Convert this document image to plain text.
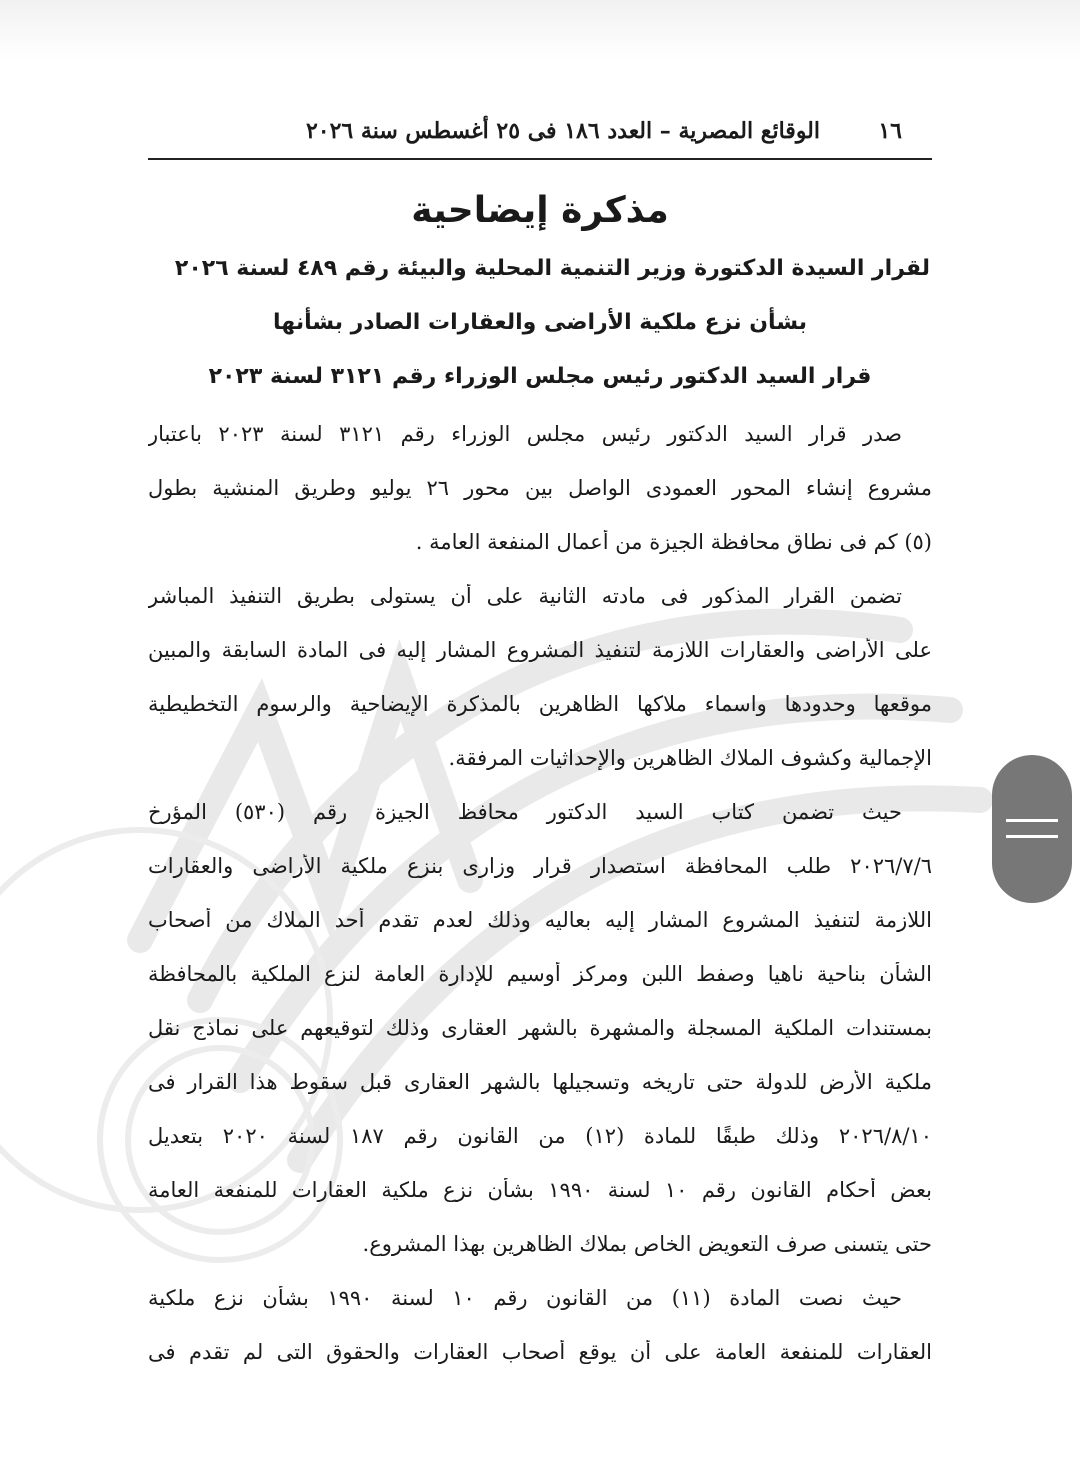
١٦
الوقائع المصرية – العدد ١٨٦ فى ٢٥ أغسطس سنة ٢٠٢٦
مذكرة إيضاحية
لقرار السيدة الدكتورة وزير التنمية المحلية والبيئة رقم ٤٨٩ لسنة ٢٠٢٦
بشأن نزع ملكية الأراضى والعقارات الصادر بشأنها
قرار السيد الدكتور رئيس مجلس الوزراء رقم ٣١٢١ لسنة ٢٠٢٣
صدر قرار السيد الدكتور رئيس مجلس الوزراء رقم ٣١٢١ لسنة ٢٠٢٣ باعتبار
مشروع إنشاء المحور العمودى الواصل بين محور ٢٦ يوليو وطريق المنشية بطول
(٥) كم فى نطاق محافظة الجيزة من أعمال المنفعة العامة .
تضمن القرار المذكور فى مادته الثانية على أن يستولى بطريق التنفيذ المباشر
على الأراضى والعقارات اللازمة لتنفيذ المشروع المشار إليه فى المادة السابقة والمبين
موقعها وحدودها واسماء ملاكها الظاهرين بالمذكرة الإيضاحية والرسوم التخطيطية
الإجمالية وكشوف الملاك الظاهرين والإحداثيات المرفقة.
حيث تضمن كتاب السيد الدكتور محافظ الجيزة رقم (٥٣٠) المؤرخ
٢٠٢٦/٧/٦ طلب المحافظة استصدار قرار وزارى بنزع ملكية الأراضى والعقارات
اللازمة لتنفيذ المشروع المشار إليه بعاليه وذلك لعدم تقدم أحد الملاك من أصحاب
الشأن بناحية ناهيا وصفط اللبن ومركز أوسيم للإدارة العامة لنزع الملكية بالمحافظة
بمستندات الملكية المسجلة والمشهرة بالشهر العقارى وذلك لتوقيعهم على نماذج نقل
ملكية الأرض للدولة حتى تاريخه وتسجيلها بالشهر العقارى قبل سقوط هذا القرار فى
٢٠٢٦/٨/١٠ وذلك طبقًا للمادة (١٢) من القانون رقم ١٨٧ لسنة ٢٠٢٠ بتعديل
بعض أحكام القانون رقم ١٠ لسنة ١٩٩٠ بشأن نزع ملكية العقارات للمنفعة العامة
حتى يتسنى صرف التعويض الخاص بملاك الظاهرين بهذا المشروع.
حيث نصت المادة (١١) من القانون رقم ١٠ لسنة ١٩٩٠ بشأن نزع ملكية
العقارات للمنفعة العامة على أن يوقع أصحاب العقارات والحقوق التى لم تقدم فى
